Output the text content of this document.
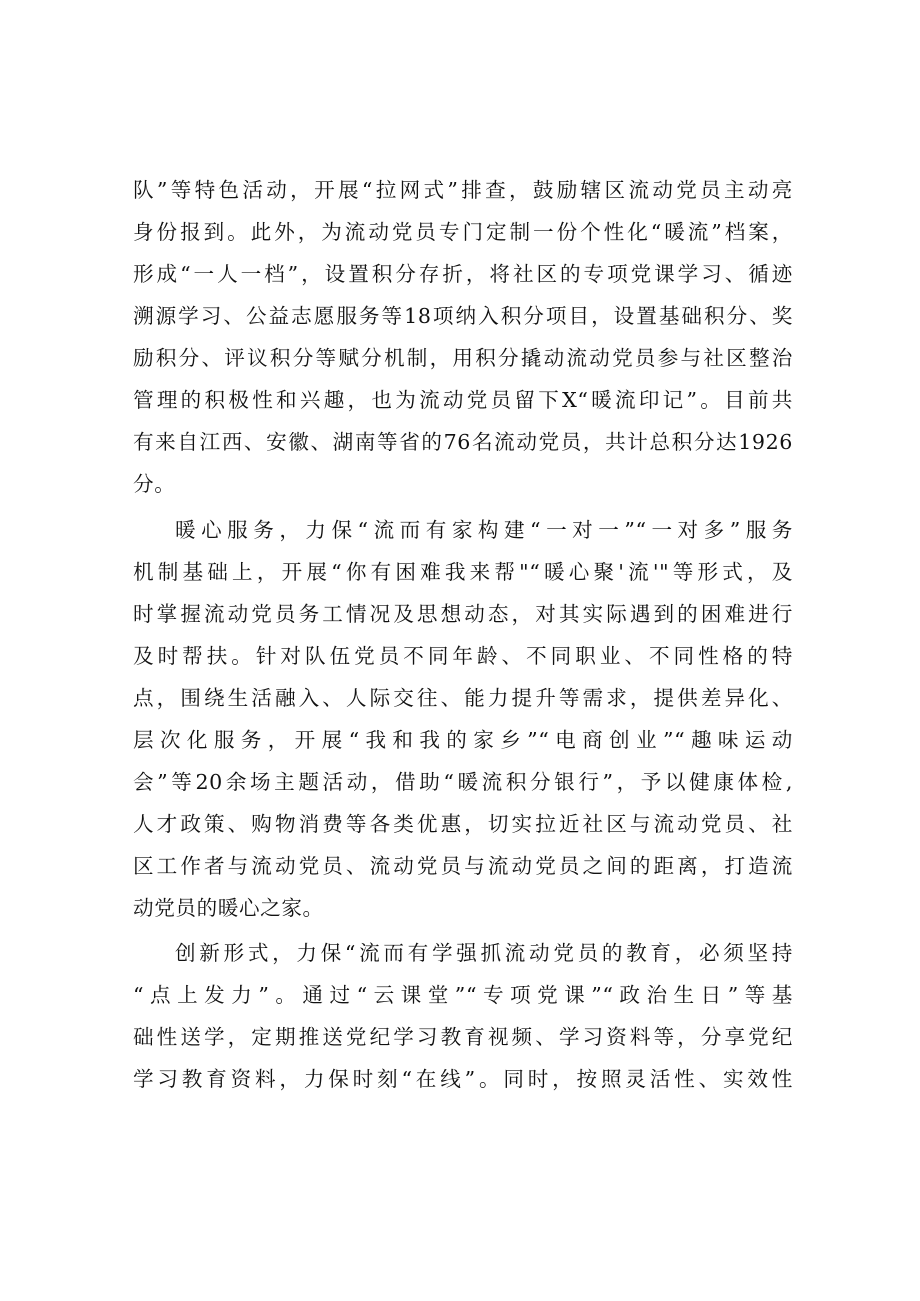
队”等特色活动，开展“拉网式”排查，鼓励辖区流动党员主动亮
身份报到。此外，为流动党员专门定制一份个性化“暖流”档案，
形成“一人一档”，设置积分存折，将社区的专项党课学习、循迹
溯源学习、公益志愿服务等18项纳入积分项目，设置基础积分、奖
励积分、评议积分等赋分机制，用积分撬动流动党员参与社区整治
管理的积极性和兴趣，也为流动党员留下X“暖流印记”。目前共
有来自江西、安徽、湖南等省的76名流动党员，共计总积分达1926
分。
暖心服务，力保“流而有家构建“一对一”“一对多”服务
机制基础上，开展“你有困难我来帮"“暖心聚'流'"等形式，及
时掌握流动党员务工情况及思想动态，对其实际遇到的困难进行
及时帮扶。针对队伍党员不同年龄、不同职业、不同性格的特
点，围绕生活融入、人际交往、能力提升等需求，提供差异化、
层次化服务，开展“我和我的家乡”“电商创业”“趣味运动
会”等20余场主题活动，借助“暖流积分银行”，予以健康体检,
人才政策、购物消费等各类优惠，切实拉近社区与流动党员、社
区工作者与流动党员、流动党员与流动党员之间的距离，打造流
动党员的暖心之家。
创新形式，力保“流而有学强抓流动党员的教育，必须坚持
“点上发力”。通过“云课堂”“专项党课”“政治生日”等基
础性送学，定期推送党纪学习教育视频、学习资料等，分享党纪
学习教育资料，力保时刻“在线”。同时，按照灵活性、实效性
